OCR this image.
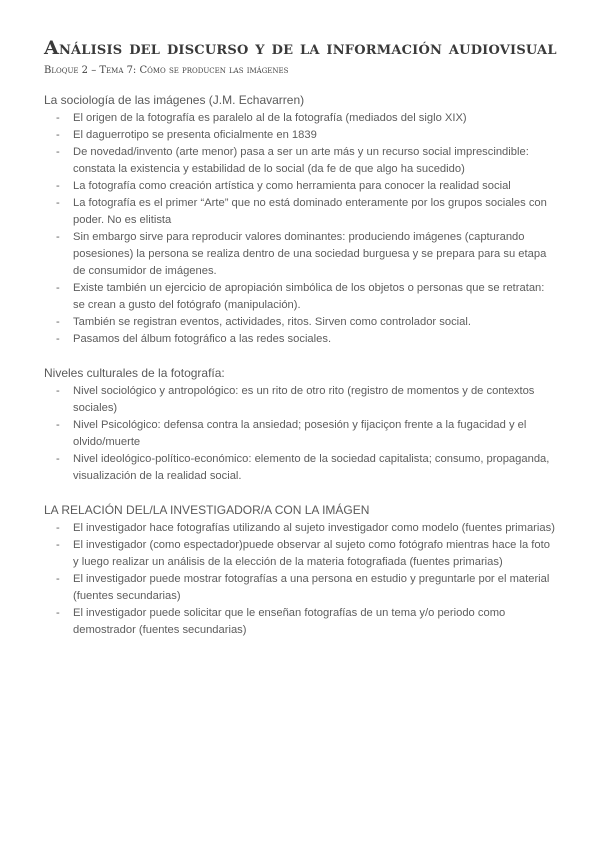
Análisis del discurso y de la información audiovisual
Bloque 2 – Tema 7: Cómo se producen las imágenes
La sociología de las imágenes (J.M. Echavarren)
- El origen de la fotografía es paralelo al de la fotografía (mediados del siglo XIX)
- El daguerrotipo se presenta oficialmente en 1839
- De novedad/invento (arte menor) pasa a ser un arte más y un recurso social imprescindible: constata la existencia y estabilidad de lo social (da fe de que algo ha sucedido)
- La fotografía como creación artística y como herramienta para conocer la realidad social
- La fotografía es el primer “Arte” que no está dominado enteramente por los grupos sociales con poder. No es elitista
- Sin embargo sirve para reproducir valores dominantes: produciendo imágenes (capturando posesiones) la persona se realiza dentro de una sociedad burguesa y se prepara para su etapa de consumidor de imágenes.
- Existe también un ejercicio de apropiación simbólica de los objetos o personas que se retratan: se crean a gusto del fotógrafo (manipulación).
- También se registran eventos, actividades, ritos. Sirven como controlador social.
- Pasamos del álbum fotográfico a las redes sociales.
Niveles culturales de la fotografía:
- Nivel sociológico y antropológico: es un rito de otro rito (registro de momentos y de contextos sociales)
- Nivel Psicológico: defensa contra la ansiedad; posesión y fijaciçon frente a la fugacidad y el olvido/muerte
- Nivel ideológico-político-económico: elemento de la sociedad capitalista; consumo, propaganda, visualización de la realidad social.
LA RELACIÓN DEL/LA INVESTIGADOR/A CON LA IMÁGEN
- El investigador hace fotografías utilizando al sujeto investigador como modelo (fuentes primarias)
- El investigador (como espectador)puede observar al sujeto como fotógrafo mientras hace la foto y luego realizar un análisis de la elección de la materia fotografiada (fuentes primarias)
- El investigador puede mostrar fotografías a una persona en estudio y preguntarle por el material (fuentes secundarias)
- El investigador puede solicitar que le enseñan fotografías de un tema y/o periodo como demostrador (fuentes secundarias)
